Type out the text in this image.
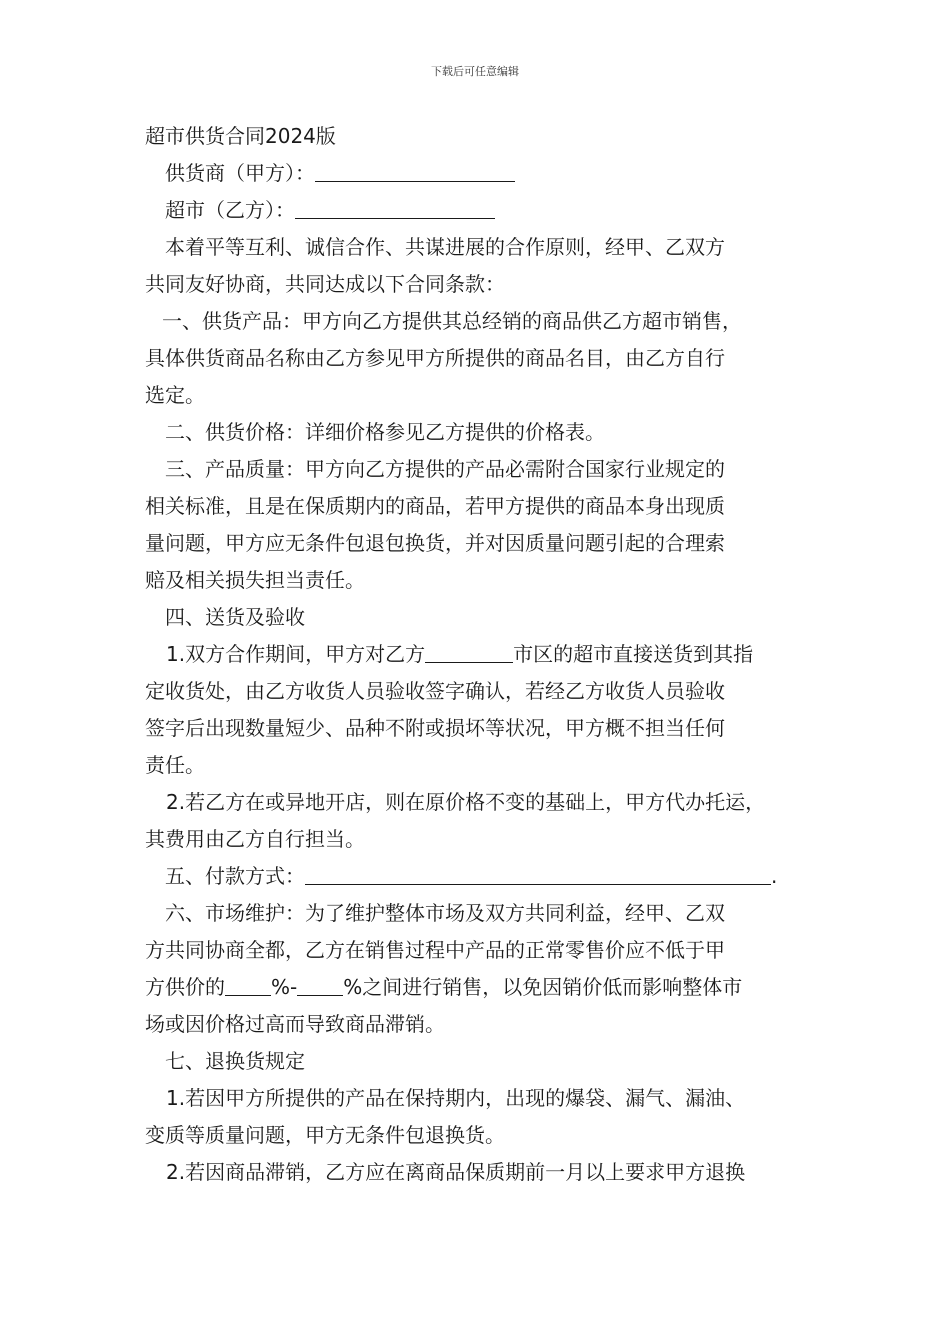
下载后可任意编辑

超市供货合同2024版

供货商（甲方）：

超市（乙方）：

本着平等互利、诚信合作、共谋进展的合作原则，经甲、乙双方

共同友好协商，共同达成以下合同条款：

一、供货产品：甲方向乙方提供其总经销的商品供乙方超市销售，

具体供货商品名称由乙方参见甲方所提供的商品名目，由乙方自行

选定。

二、供货价格：详细价格参见乙方提供的价格表。

三、产品质量：甲方向乙方提供的产品必需附合国家行业规定的

相关标准，且是在保质期内的商品，若甲方提供的商品本身出现质

量问题，甲方应无条件包退包换货，并对因质量问题引起的合理索

赔及相关损失担当责任。

四、送货及验收

1.双方合作期间，甲方对乙方	市区的超市直接送货到其指

定收货处，由乙方收货人员验收签字确认，若经乙方收货人员验收

签字后出现数量短少、品种不附或损坏等状况，甲方概不担当任何

责任。

2.若乙方在或异地开店，则在原价格不变的基础上，甲方代办托运，

其费用由乙方自行担当。

五、付款方式：	.

六、市场维护：为了维护整体市场及双方共同利益，经甲、乙双

方共同协商全都，乙方在销售过程中产品的正常零售价应不低于甲

方供价的 %- %之间进行销售，以免因销价低而影响整体市

场或因价格过高而导致商品滞销。

七、退换货规定

1.若因甲方所提供的产品在保持期内，出现的爆袋、漏气、漏油、

变质等质量问题，甲方无条件包退换货。

2.若因商品滞销，乙方应在离商品保质期前一月以上要求甲方退换
